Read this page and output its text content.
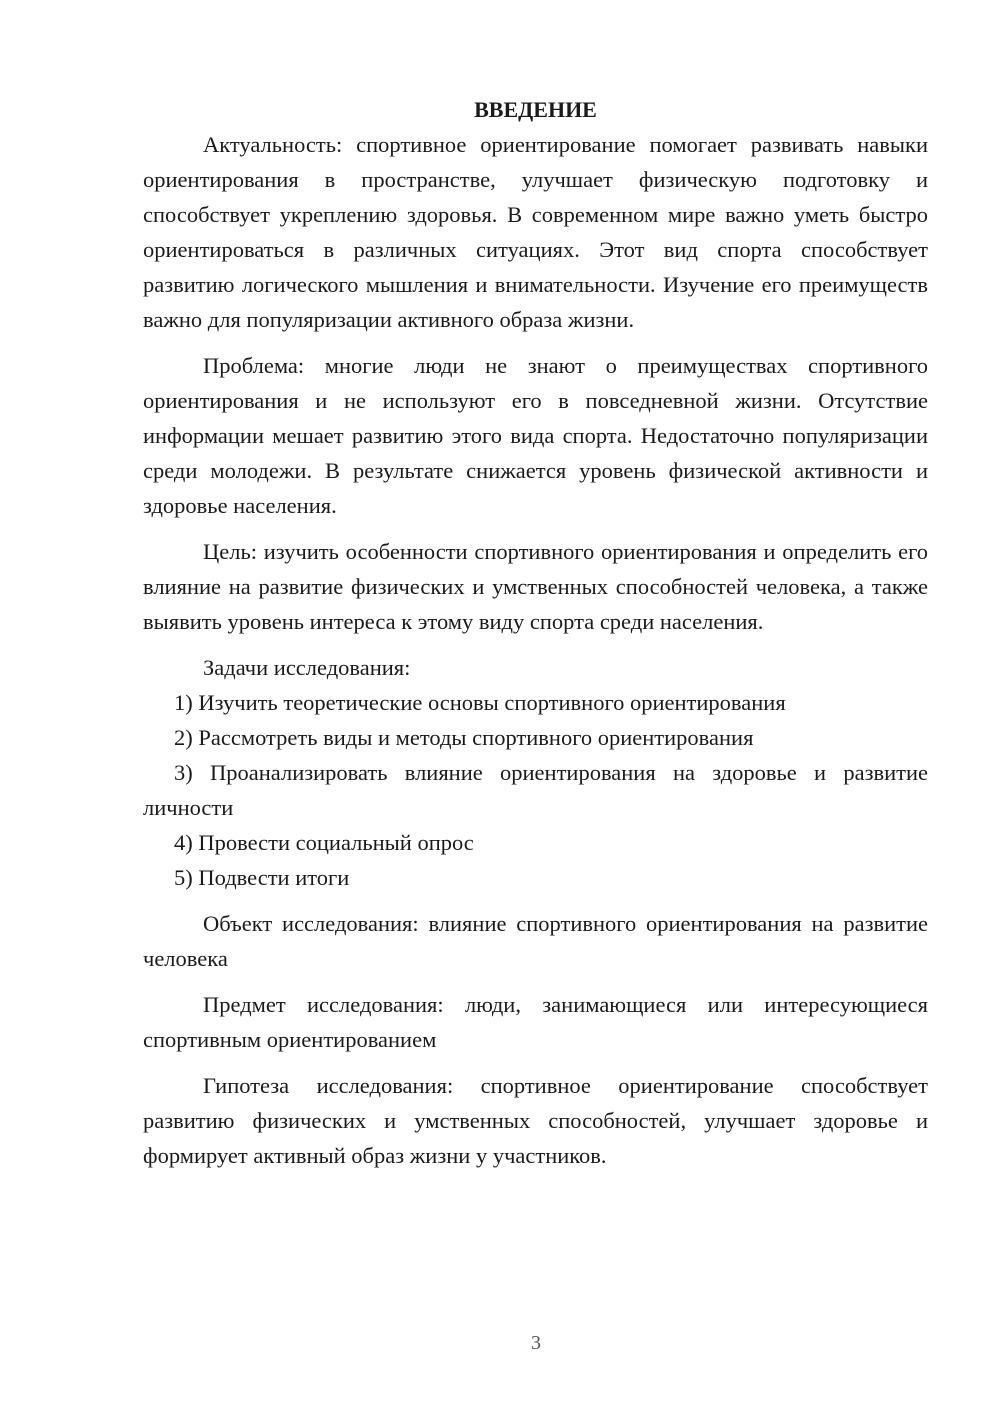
ВВЕДЕНИЕ

Актуальность: спортивное ориентирование помогает развивать навыки ориентирования в пространстве, улучшает физическую подготовку и способствует укреплению здоровья. В современном мире важно уметь быстро ориентироваться в различных ситуациях. Этот вид спорта способствует развитию логического мышления и внимательности. Изучение его преимуществ важно для популяризации активного образа жизни.

Проблема: многие люди не знают о преимуществах спортивного ориентирования и не используют его в повседневной жизни. Отсутствие информации мешает развитию этого вида спорта. Недостаточно популяризации среди молодежи. В результате снижается уровень физической активности и здоровье населения.

Цель: изучить особенности спортивного ориентирования и определить его влияние на развитие физических и умственных способностей человека, а также выявить уровень интереса к этому виду спорта среди населения.

Задачи исследования:

1) Изучить теоретические основы спортивного ориентирования

2) Рассмотреть виды и методы спортивного ориентирования

3) Проанализировать влияние ориентирования на здоровье и развитие личности

4) Провести социальный опрос

5) Подвести итоги

Объект исследования: влияние спортивного ориентирования на развитие человека

Предмет исследования: люди, занимающиеся или интересующиеся спортивным ориентированием

Гипотеза исследования: спортивное ориентирование способствует развитию физических и умственных способностей, улучшает здоровье и формирует активный образ жизни у участников.

3
